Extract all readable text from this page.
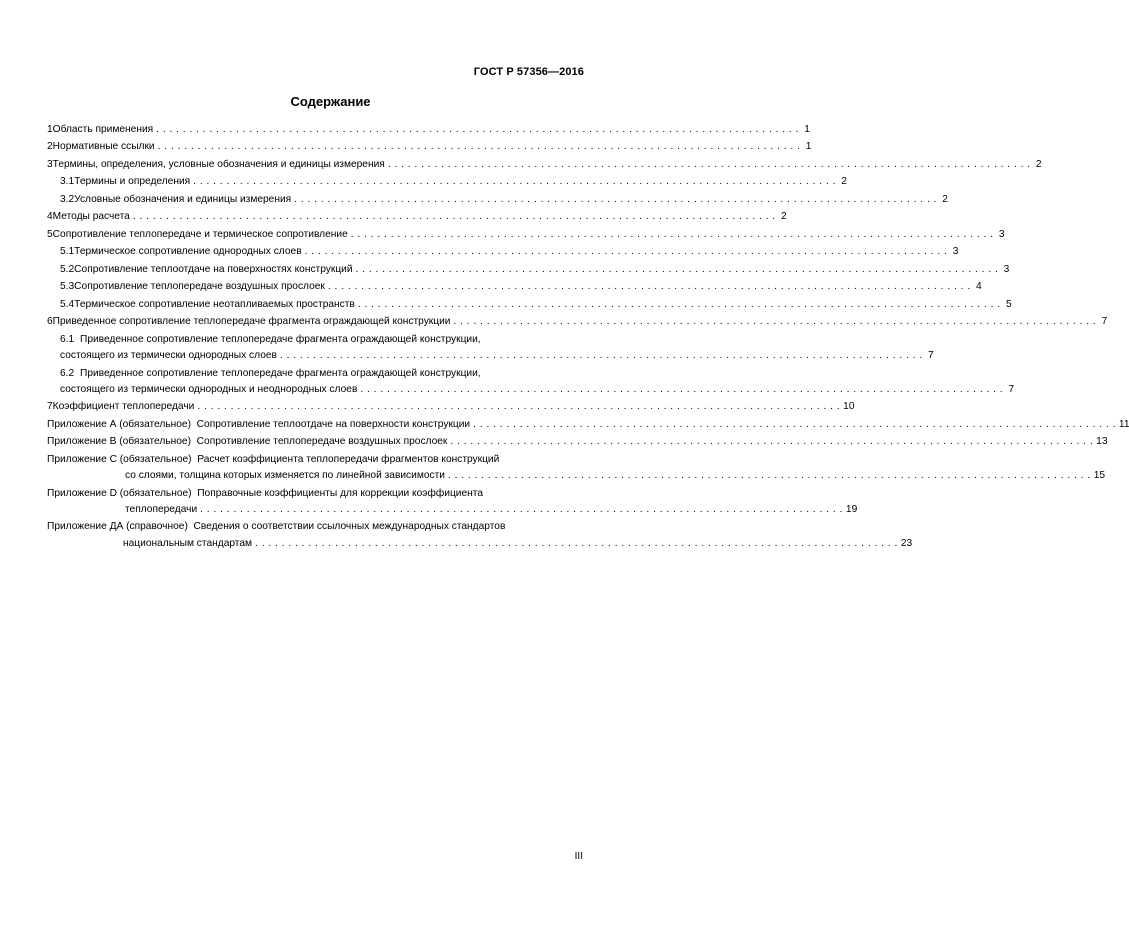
ГОСТ Р 57356—2016
Содержание
1 Область применения . . .	1
2 Нормативные ссылки . . .	1
3 Термины, определения, условные обозначения и единицы измерения . . .	2
3.1 Термины и определения . . .	2
3.2 Условные обозначения и единицы измерения . . .	2
4 Методы расчета . . .	2
5 Сопротивление теплопередаче и термическое сопротивление . . .	3
5.1 Термическое сопротивление однородных слоев . . .	3
5.2 Сопротивление теплоотдаче на поверхностях конструкций . . .	3
5.3 Сопротивление теплопередаче воздушных прослоек . . .	4
5.4 Термическое сопротивление неотапливаемых пространств . . .	5
6 Приведенное сопротивление теплопередаче фрагмента ограждающей конструкции . . .	7
6.1 Приведенное сопротивление теплопередаче фрагмента ограждающей конструкции,
состоящего из термически однородных слоев . . .	7
6.2 Приведенное сопротивление теплопередаче фрагмента ограждающей конструкции,
состоящего из термически однородных и неоднородных слоев . . .	7
7 Коэффициент теплопередачи . . .	10
Приложение А (обязательное) Сопротивление теплоотдаче на поверхности конструкции . . .	11
Приложение В (обязательное) Сопротивление теплопередаче воздушных прослоек . . .	13
Приложение С (обязательное) Расчет коэффициента теплопередачи фрагментов конструкций
со слоями, толщина которых изменяется по линейной зависимости . . .	15
Приложение D (обязательное) Поправочные коэффициенты для коррекции коэффициента
теплопередачи . . .	19
Приложение ДА (справочное) Сведения о соответствии ссылочных международных стандартов
национальным стандартам . . .	23
III
